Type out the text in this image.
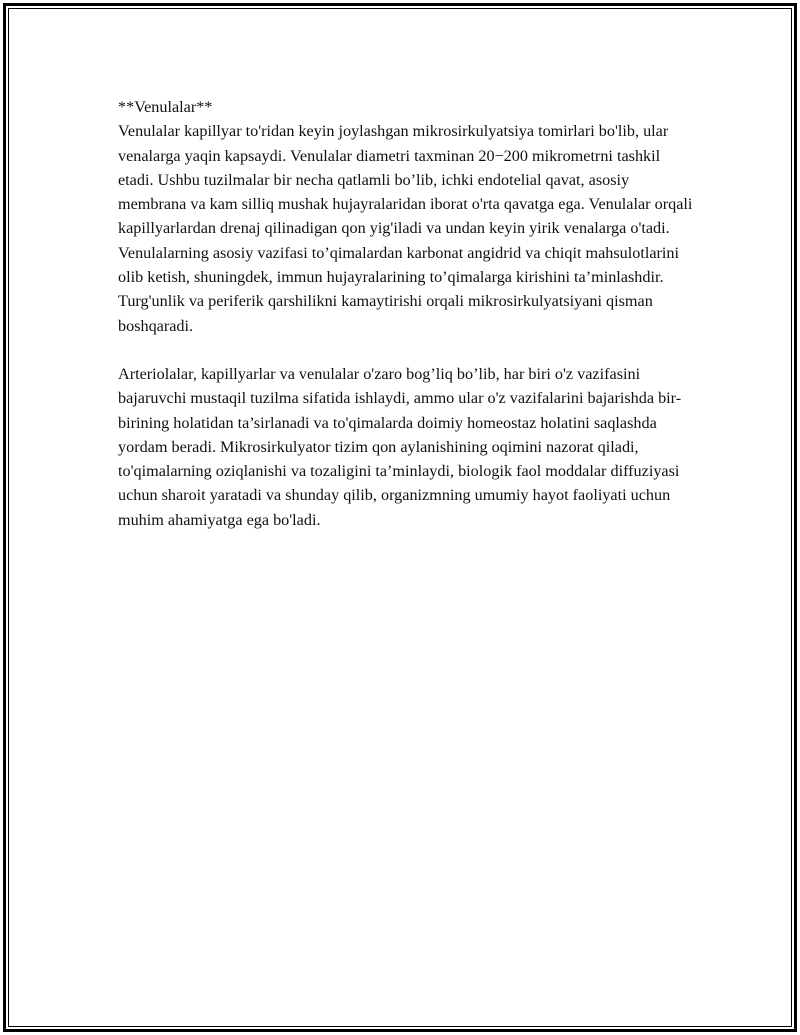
**Venulalar**

Venulalar kapillyar to'ridan keyin joylashgan mikrosirkulyatsiya tomirlari bo'lib, ular venalarga yaqin kapsaydi. Venulalar diametri taxminan 20−200 mikrometrni tashkil etadi. Ushbu tuzilmalar bir necha qatlamli bo’lib, ichki endotelial qavat, asosiy membrana va kam silliq mushak hujayralaridan iborat o'rta qavatga ega. Venulalar orqali kapillyarlardan drenaj qilinadigan qon yig'iladi va undan keyin yirik venalarga o'tadi. Venulalarning asosiy vazifasi to’qimalardan karbonat angidrid va chiqit mahsulotlarini olib ketish, shuningdek, immun hujayralarining to’qimalarga kirishini ta’minlashdir. Turg'unlik va periferik qarshilikni kamaytirishi orqali mikrosirkulyatsiyani qisman boshqaradi.

Arteriolalar, kapillyarlar va venulalar o'zaro bog’liq bo’lib, har biri o'z vazifasini bajaruvchi mustaqil tuzilma sifatida ishlaydi, ammo ular o'z vazifalarini bajarishda bir-birining holatidan ta’sirlanadi va to'qimalarda doimiy homeostaz holatini saqlashda yordam beradi. Mikrosirkulyator tizim qon aylanishining oqimini nazorat qiladi, to'qimalarning oziqlanishi va tozaligini ta’minlaydi, biologik faol moddalar diffuziyasi uchun sharoit yaratadi va shunday qilib, organizmning umumiy hayot faoliyati uchun muhim ahamiyatga ega bo'ladi.
